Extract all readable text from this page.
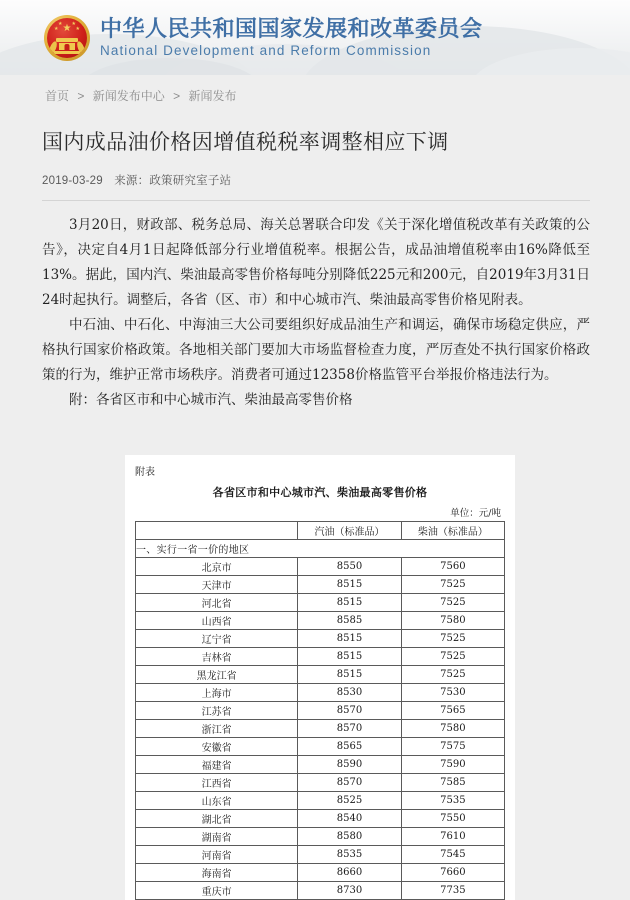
★
★
★ ★
★ 中华人民共和国国家发展和改革委员会
National Development and Reform Commission
首页 > 新闻发布中心 > 新闻发布
国内成品油价格因增值税税率调整相应下调
2019-03-29 来源：政策研究室子站

3月20日，财政部、税务总局、海关总署联合印发《关于深化增值税改革有关政策的公告》，决定自4月1日起降低部分行业增值税率。根据公告，成品油增值税率由16%降低至13%。据此，国内汽、柴油最高零售价格每吨分别降低225元和200元，自2019年3月31日24时起执行。调整后，各省（区、市）和中心城市汽、柴油最高零售价格见附表。

中石油、中石化、中海油三大公司要组织好成品油生产和调运，确保市场稳定供应，严格执行国家价格政策。各地相关部门要加大市场监督检查力度，严厉查处不执行国家价格政策的行为，维护正常市场秩序。消费者可通过12358价格监管平台举报价格违法行为。

附：各省区市和中心城市汽、柴油最高零售价格

附表
各省区市和中心城市汽、柴油最高零售价格
单位：元/吨
	汽油（标准品）	柴油（标准品）
一、实行一省一价的地区		
北京市	8550	7560
天津市	8515	7525
河北省	8515	7525
山西省	8585	7580
辽宁省	8515	7525
吉林省	8515	7525
黑龙江省	8515	7525
上海市	8530	7530
江苏省	8570	7565
浙江省	8570	7580
安徽省	8565	7575
福建省	8590	7590
江西省	8570	7585
山东省	8525	7535
湖北省	8540	7550
湖南省	8580	7610
河南省	8535	7545
海南省	8660	7660
重庆市	8730	7735
